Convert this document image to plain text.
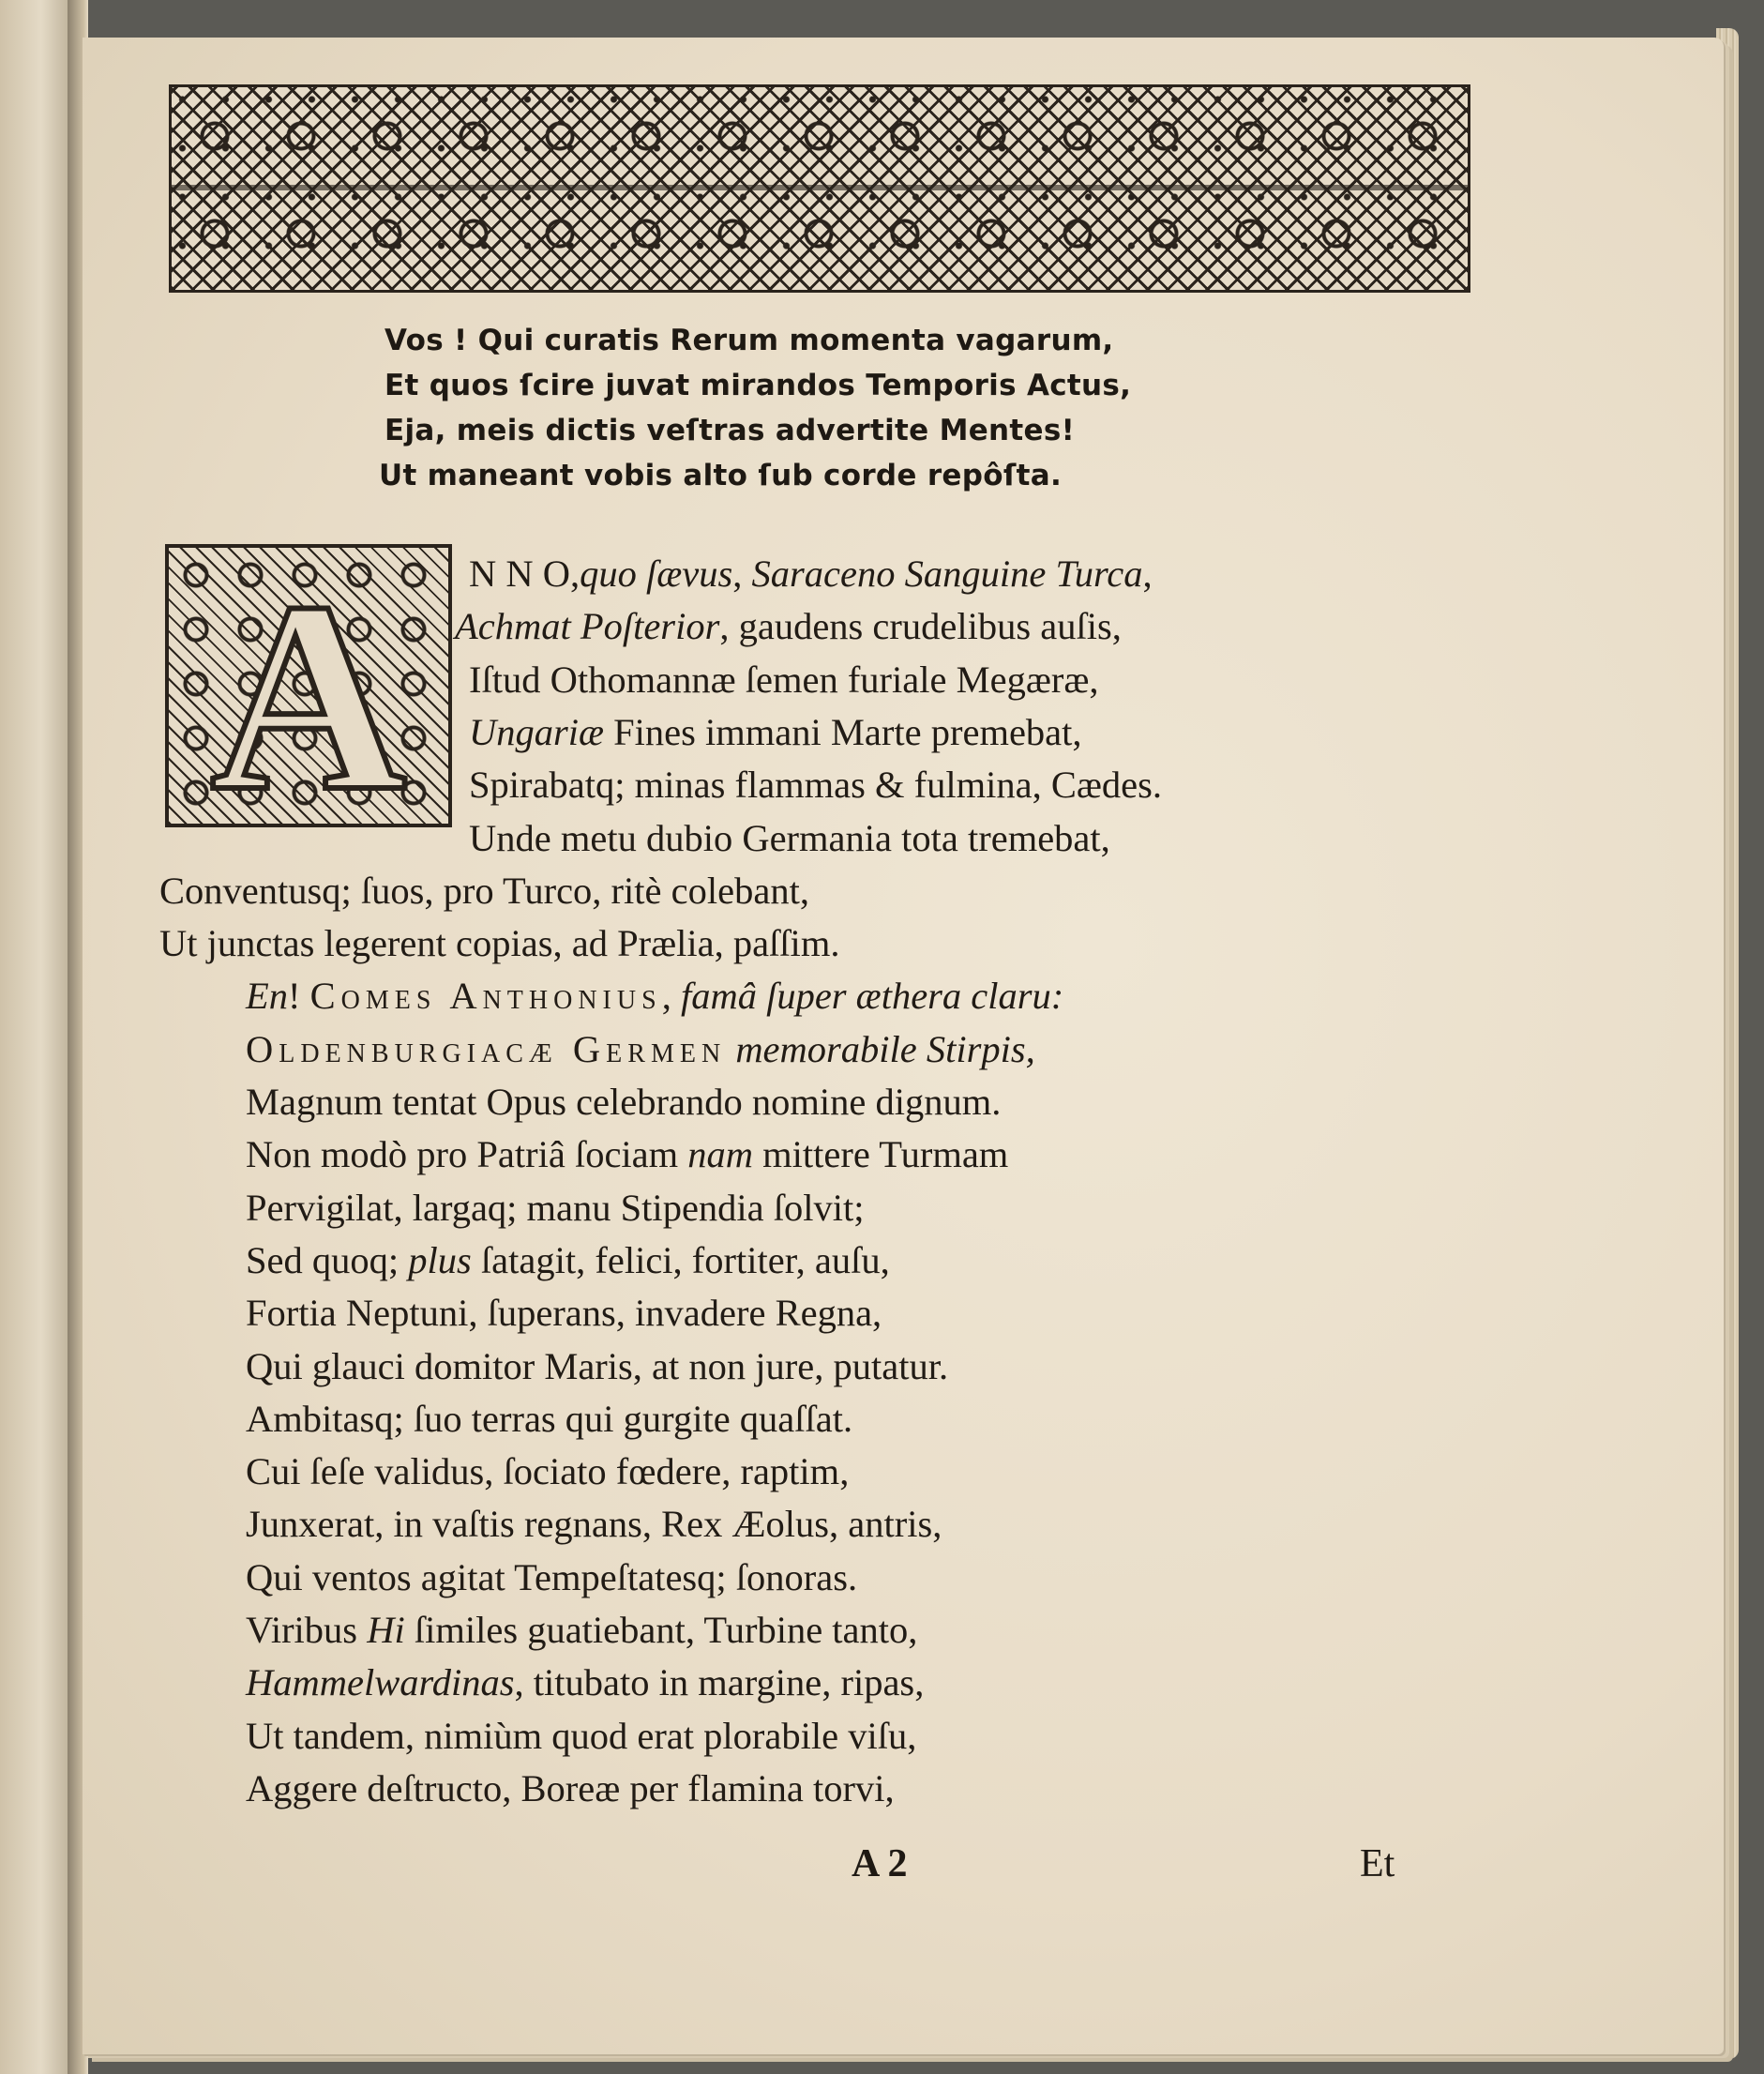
Vos ! Qui curatis Rerum momenta vagarum,

Et quos ſcire juvat mirandos Temporis Actus,

Eja, meis dictis veſtras advertite Mentes!

Ut maneant vobis alto ſub corde repôſta.

A N N O,quo ſævus, Saraceno Sanguine Turca,

Achmat Poſterior, gaudens crudelibus auſis,

Iſtud Othomannæ ſemen furiale Megæræ,

Ungariæ Fines immani Marte premebat,

Spirabatq; minas flammas & fulmina, Cædes.

Unde metu dubio Germania tota tremebat,

Conventusq; ſuos, pro Turco, ritè colebant,

Ut junctas legerent copias, ad Prælia, paſſim.

En! Comes Anthonius, famâ ſuper æthera claru:

Oldenburgiacæ Germen memorabile Stirpis,

Magnum tentat Opus celebrando nomine dignum.

Non modò pro Patriâ ſociam nam mittere Turmam

Pervigilat, largaq; manu Stipendia ſolvit;

Sed quoq; plus ſatagit, felici, fortiter, auſu,

Fortia Neptuni, ſuperans, invadere Regna,

Qui glauci domitor Maris, at non jure, putatur.

Ambitasq; ſuo terras qui gurgite quaſſat.

Cui ſeſe validus, ſociato fœdere, raptim,

Junxerat, in vaſtis regnans, Rex Æolus, antris,

Qui ventos agitat Tempeſtatesq; ſonoras.

Viribus Hi ſimiles guatiebant, Turbine tanto,

Hammelwardinas, titubato in margine, ripas,

Ut tandem, nimiùm quod erat plorabile viſu,

Aggere deſtructo, Boreæ per flamina torvi,

A 2	Et
